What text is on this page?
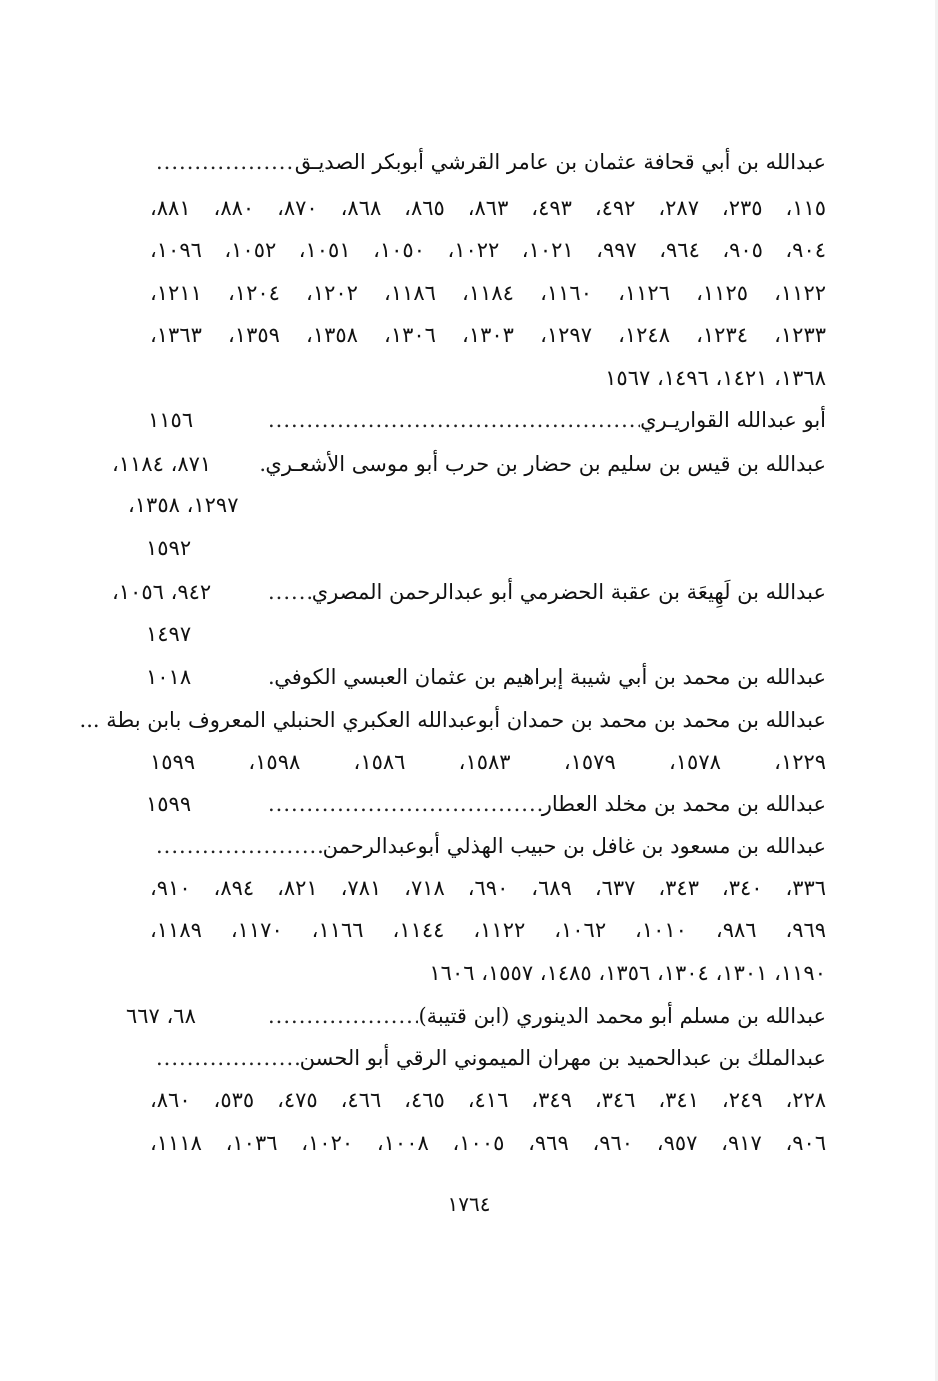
عبدالله بن أبي قحافة عثمان بن عامر القرشي أبوبكر الصديـق
.....
١١٥، ٢٣٥، ٢٨٧، ٤٩٢، ٤٩٣، ٨٦٣، ٨٦٥، ٨٦٨، ٨٧٠، ٨٨٠، ٨٨١،
٩٠٤، ٩٠٥، ٩٦٤، ٩٩٧، ١٠٢١، ١٠٢٢، ١٠٥٠، ١٠٥١، ١٠٥٢، ١٠٩٦،
١١٢٢، ١١٢٥، ١١٢٦، ١١٦٠، ١١٨٤، ١١٨٦، ١٢٠٢، ١٢٠٤، ١٢١١،
١٢٣٣، ١٢٣٤، ١٢٤٨، ١٢٩٧، ١٣٠٣، ١٣٠٦، ١٣٥٨، ١٣٥٩، ١٣٦٣،
١٣٦٨، ١٤٢١، ١٤٩٦، ١٥٦٧
أبو عبدالله القواريـري
.....
١١٥٦
عبدالله بن قيس بن سليم بن حضار بن حرب أبو موسى الأشعـري
.....
٨٧١، ١١٨٤،
١٢٩٧، ١٣٥٨،
١٥٩٢
عبدالله بن لَهِيعَة بن عقبة الحضرمي أبو عبدالرحمن المصري
.....
٩٤٢، ١٠٥٦،
١٤٩٧
عبدالله بن محمد بن أبي شيبة إبراهيم بن عثمان العبسي الكوفي
.....
١٠١٨
عبدالله بن محمد بن محمد بن حمدان أبوعبدالله العكبري الحنبلي المعروف بابن بطة ...
١٢٢٩، ١٥٧٨، ١٥٧٩، ١٥٨٣، ١٥٨٦، ١٥٩٨، ١٥٩٩
عبدالله بن محمد بن مخلد العطار
.....
١٥٩٩
عبدالله بن مسعود بن غافل بن حبيب الهذلي أبوعبدالرحمن
.....
٣٣٦، ٣٤٠، ٣٤٣، ٦٣٧، ٦٨٩، ٦٩٠، ٧١٨، ٧٨١، ٨٢١، ٨٩٤، ٩١٠،
٩٦٩، ٩٨٦، ١٠١٠، ١٠٦٢، ١١٢٢، ١١٤٤، ١١٦٦، ١١٧٠، ١١٨٩،
١١٩٠، ١٣٠١، ١٣٠٤، ١٣٥٦، ١٤٨٥، ١٥٥٧، ١٦٠٦
عبدالله بن مسلم أبو محمد الدينوري (ابن قتيبة)
.....
٦٨، ٦٦٧
عبدالملك بن عبدالحميد بن مهران الميموني الرقي أبو الحسن
.....
٢٢٨، ٢٤٩، ٣٤١، ٣٤٦، ٣٤٩، ٤١٦، ٤٦٥، ٤٦٦، ٤٧٥، ٥٣٥، ٨٦٠،
٩٠٦، ٩١٧، ٩٥٧، ٩٦٠، ٩٦٩، ١٠٠٥، ١٠٠٨، ١٠٢٠، ١٠٣٦، ١١١٨،
١٧٦٤
